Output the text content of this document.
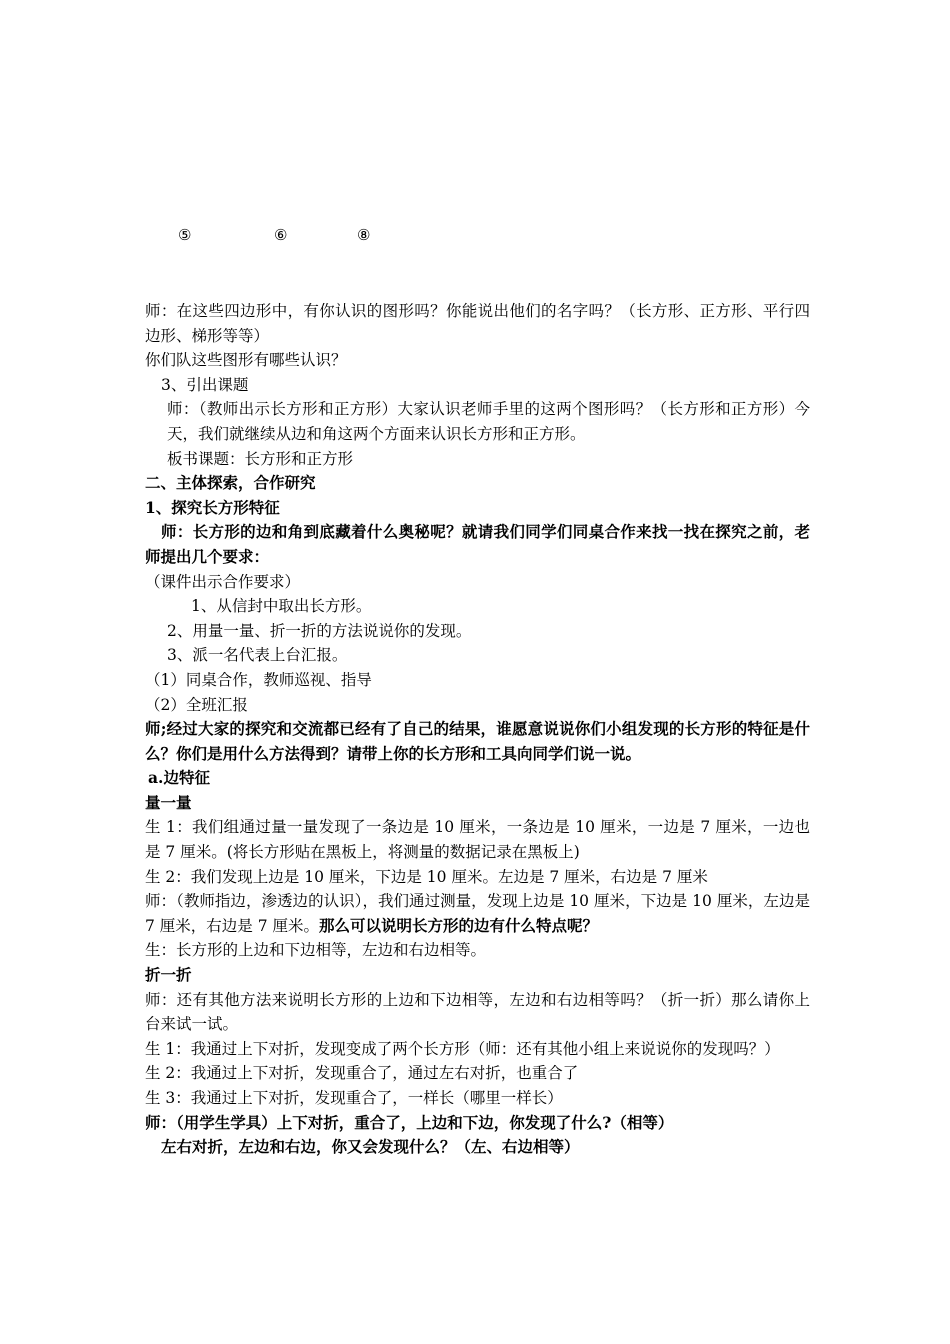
⑤	⑥	⑧
师：在这些四边形中，有你认识的图形吗？你能说出他们的名字吗？（长方形、正方形、平行四边形、梯形等等）
你们队这些图形有哪些认识？
3、引出课题
师：（教师出示长方形和正方形）大家认识老师手里的这两个图形吗？（长方形和正方形）今天，我们就继续从边和角这两个方面来认识长方形和正方形。
板书课题：长方形和正方形
二、主体探索，合作研究
1、探究长方形特征
师：长方形的边和角到底藏着什么奥秘呢？就请我们同学们同桌合作来找一找在探究之前，老师提出几个要求：
（课件出示合作要求）
1、从信封中取出长方形。
2、用量一量、折一折的方法说说你的发现。
3、派一名代表上台汇报。
（1）同桌合作，教师巡视、指导
（2）全班汇报
师;经过大家的探究和交流都已经有了自己的结果，谁愿意说说你们小组发现的长方形的特征是什么？你们是用什么方法得到？请带上你的长方形和工具向同学们说一说。
a.边特征
量一量
生 1：我们组通过量一量发现了一条边是 10 厘米，一条边是 10 厘米，一边是 7 厘米，一边也是 7 厘米。(将长方形贴在黑板上，将测量的数据记录在黑板上)
生 2：我们发现上边是 10 厘米，下边是 10 厘米。左边是 7 厘米，右边是 7 厘米
师：（教师指边，渗透边的认识），我们通过测量，发现上边是 10 厘米，下边是 10 厘米，左边是 7 厘米，右边是 7 厘米。那么可以说明长方形的边有什么特点呢？
生：长方形的上边和下边相等，左边和右边相等。
折一折
师：还有其他方法来说明长方形的上边和下边相等，左边和右边相等吗？（折一折）那么请你上台来试一试。
生 1：我通过上下对折，发现变成了两个长方形（师：还有其他小组上来说说你的发现吗？）
生 2：我通过上下对折，发现重合了，通过左右对折，也重合了
生 3：我通过上下对折，发现重合了，一样长（哪里一样长）
师：（用学生学具）上下对折，重合了，上边和下边，你发现了什么?（相等）
左右对折，左边和右边，你又会发现什么？（左、右边相等）
